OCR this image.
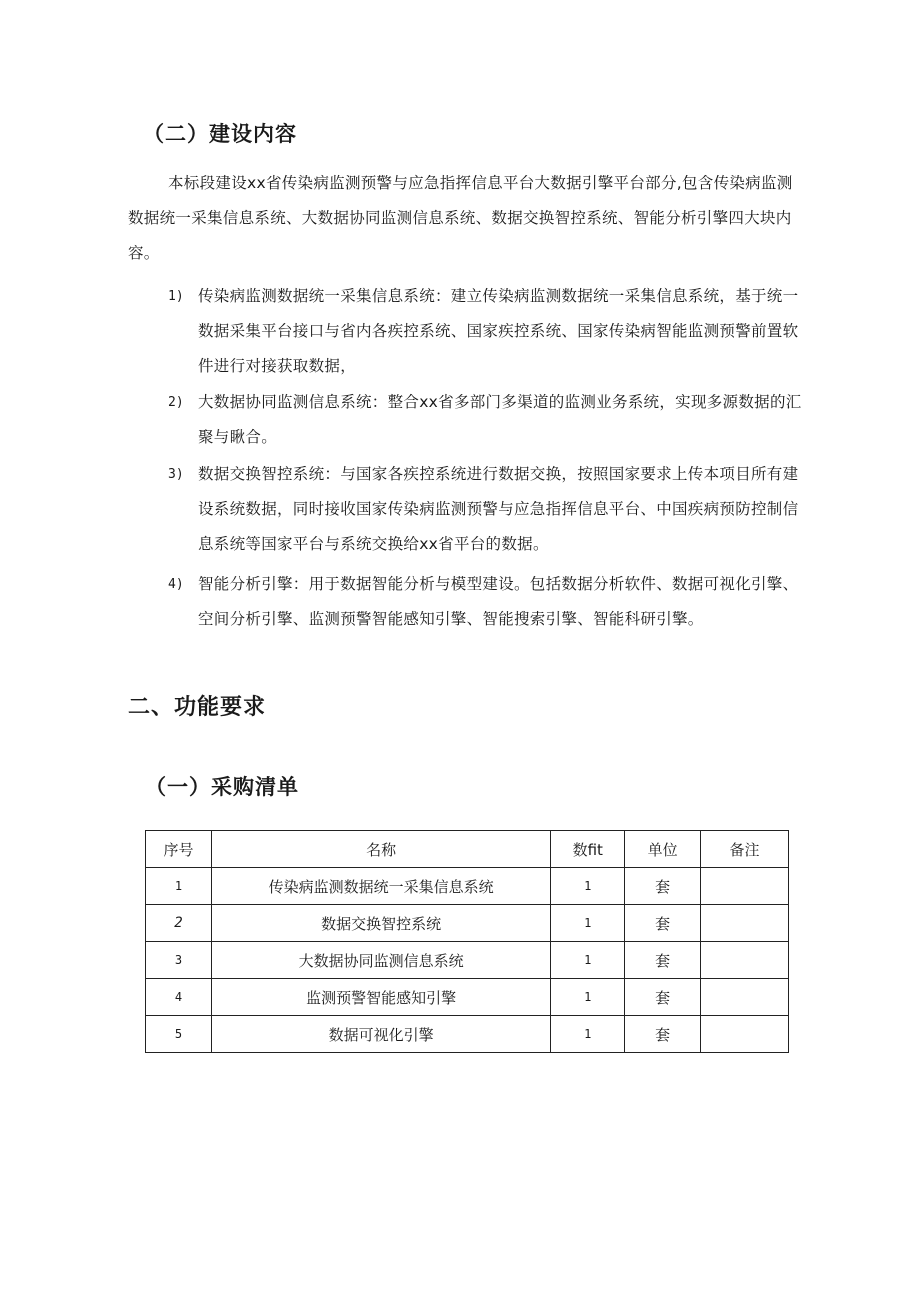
（二）建设内容
本标段建设xx省传染病监测预警与应急指挥信息平台大数据引擎平台部分,包含传染病监测数据统一采集信息系统、大数据协同监测信息系统、数据交换智控系统、智能分析引擎四大块内容。
1) 传染病监测数据统一采集信息系统：建立传染病监测数据统一采集信息系统，基于统一数据采集平台接口与省内各疾控系统、国家疾控系统、国家传染病智能监测预警前置软件进行对接获取数据，
2) 大数据协同监测信息系统：整合xx省多部门多渠道的监测业务系统，实现多源数据的汇聚与瞅合。
3) 数据交换智控系统：与国家各疾控系统进行数据交换，按照国家要求上传本项目所有建设系统数据，同时接收国家传染病监测预警与应急指挥信息平台、中国疾病预防控制信息系统等国家平台与系统交换给xx省平台的数据。
4) 智能分析引擎：用于数据智能分析与模型建设。包括数据分析软件、数据可视化引擎、空间分析引擎、监测预警智能感知引擎、智能搜索引擎、智能科研引擎。
二、功能要求
（一）采购清单
序号	名称	数fit	单位	备注
1	传染病监测数据统一采集信息系统	1	套	
2	数据交换智控系统	1	套	
3	大数据协同监测信息系统	1	套	
4	监测预警智能感知引擎	1	套	
5	数据可视化引擎	1	套	
